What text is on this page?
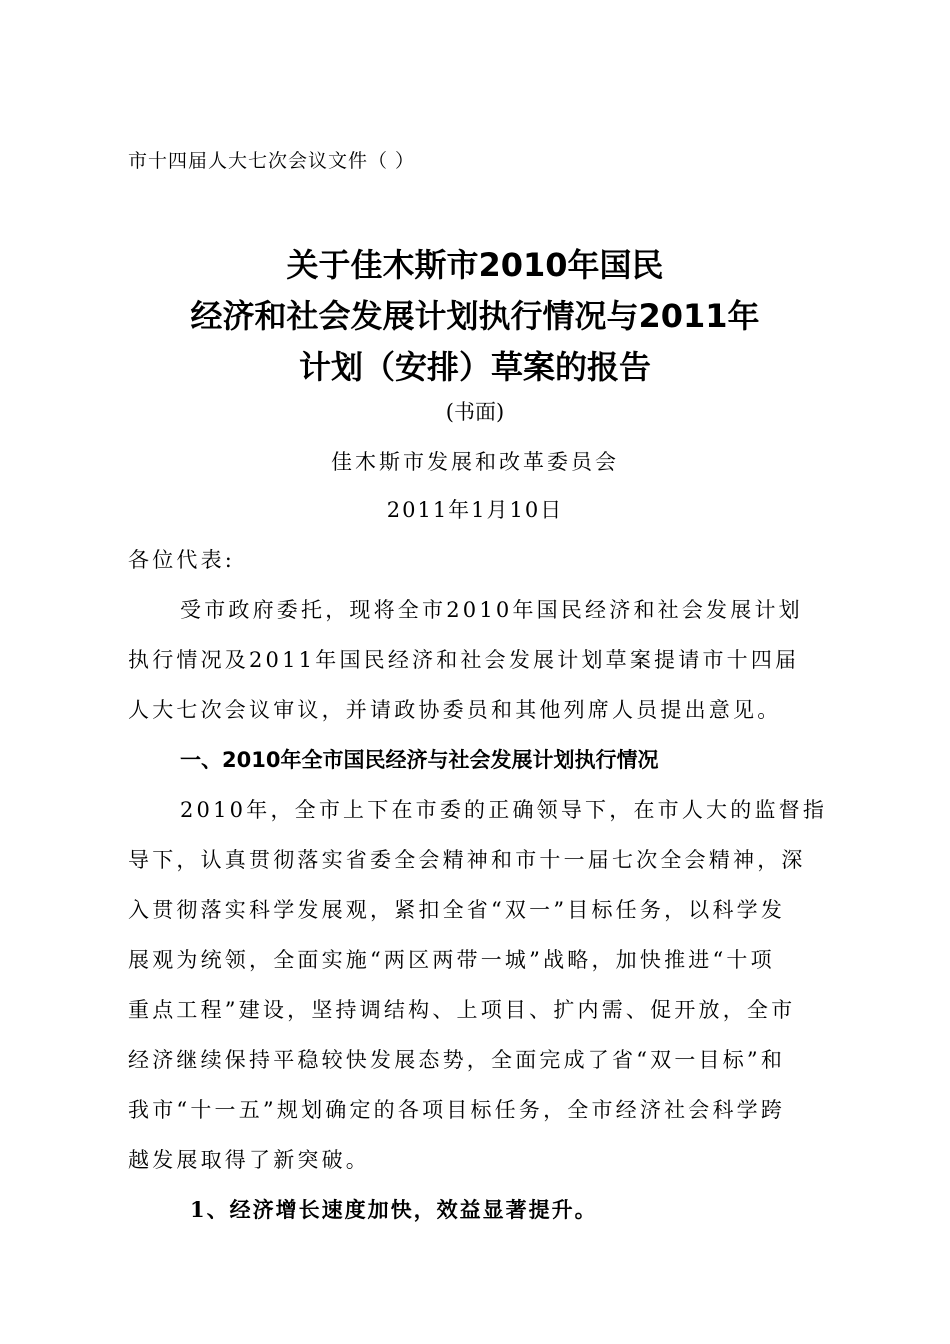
市十四届人大七次会议文件（ ）

关于佳木斯市2010年国民
经济和社会发展计划执行情况与2011年
计划（安排）草案的报告

(书面)

佳木斯市发展和改革委员会

2011年1月10日

各位代表:

受市政府委托，现将全市2010年国民经济和社会发展计划

执行情况及2011年国民经济和社会发展计划草案提请市十四届

人大七次会议审议，并请政协委员和其他列席人员提出意见。

一、2010年全市国民经济与社会发展计划执行情况

2010年，全市上下在市委的正确领导下，在市人大的监督指

导下，认真贯彻落实省委全会精神和市十一届七次全会精神，深

入贯彻落实科学发展观，紧扣全省“双一”目标任务，以科学发

展观为统领，全面实施“两区两带一城”战略，加快推进“十项

重点工程”建设，坚持调结构、上项目、扩内需、促开放，全市

经济继续保持平稳较快发展态势，全面完成了省“双一目标”和

我市“十一五”规划确定的各项目标任务，全市经济社会科学跨

越发展取得了新突破。

1、经济增长速度加快，效益显著提升。
